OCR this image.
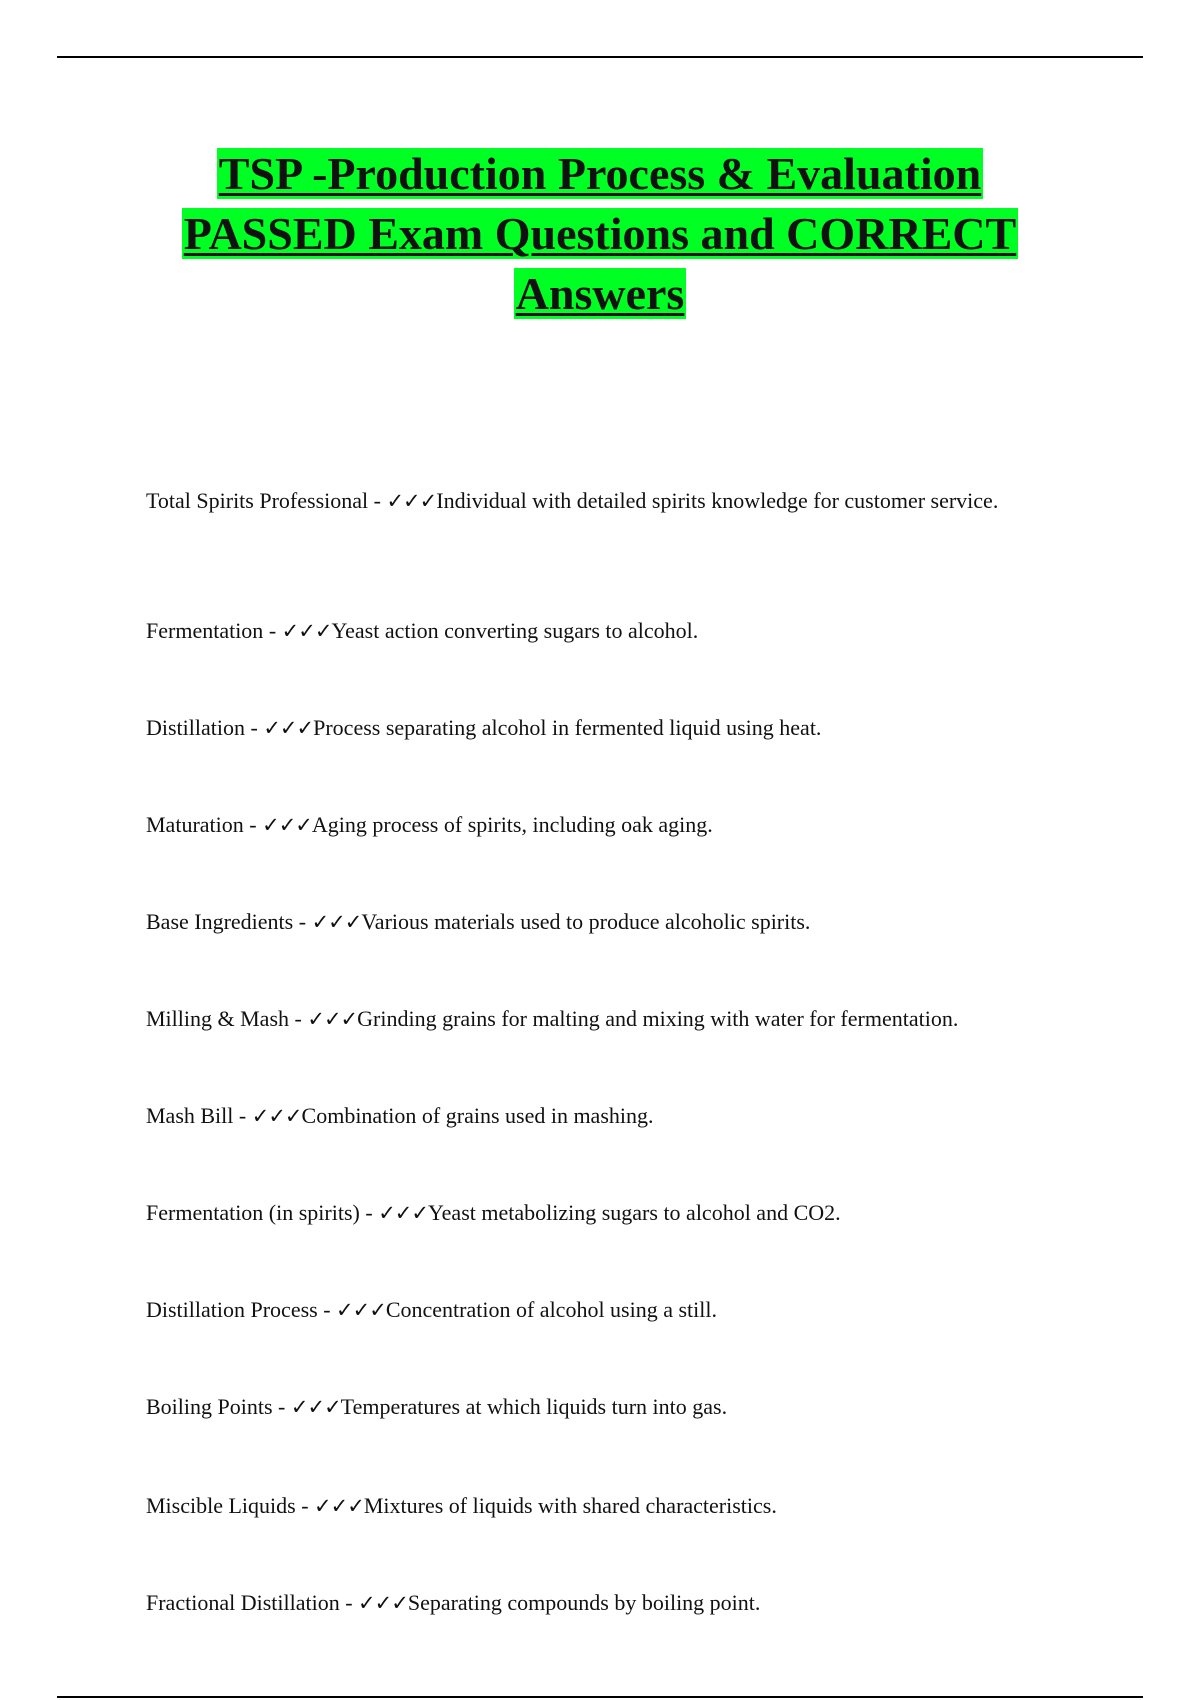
TSP -Production Process & Evaluation
PASSED Exam Questions and CORRECT
Answers

Total Spirits Professional - ✓✓✓Individual with detailed spirits knowledge for customer service.

Fermentation - ✓✓✓Yeast action converting sugars to alcohol.

Distillation - ✓✓✓Process separating alcohol in fermented liquid using heat.

Maturation - ✓✓✓Aging process of spirits, including oak aging.

Base Ingredients - ✓✓✓Various materials used to produce alcoholic spirits.

Milling & Mash - ✓✓✓Grinding grains for malting and mixing with water for fermentation.

Mash Bill - ✓✓✓Combination of grains used in mashing.

Fermentation (in spirits) - ✓✓✓Yeast metabolizing sugars to alcohol and CO2.

Distillation Process - ✓✓✓Concentration of alcohol using a still.

Boiling Points - ✓✓✓Temperatures at which liquids turn into gas.

Miscible Liquids - ✓✓✓Mixtures of liquids with shared characteristics.

Fractional Distillation - ✓✓✓Separating compounds by boiling point.
